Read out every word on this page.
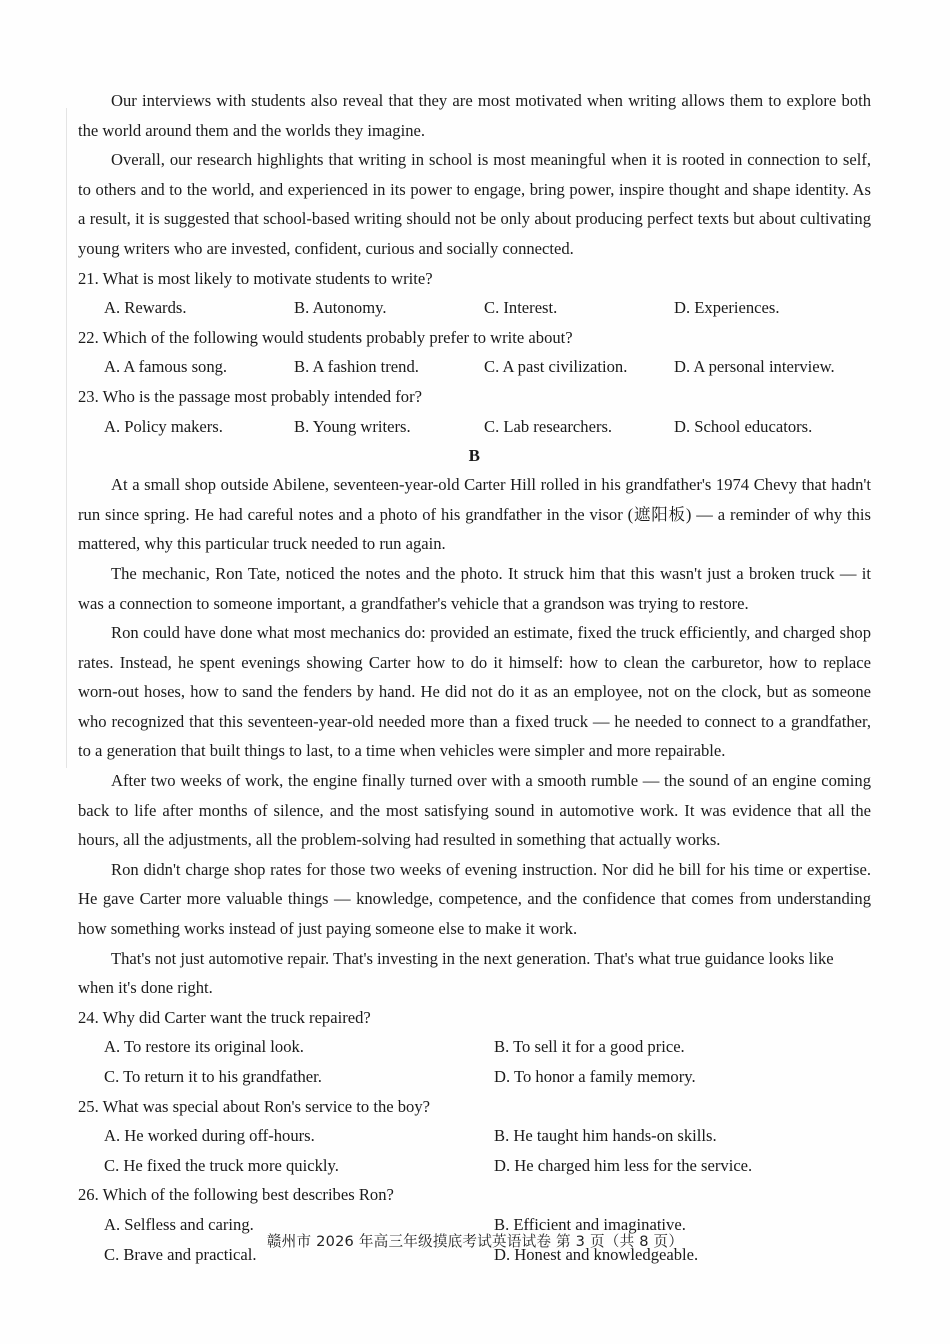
Our interviews with students also reveal that they are most motivated when writing allows them to explore both the world around them and the worlds they imagine.

Overall, our research highlights that writing in school is most meaningful when it is rooted in connection to self, to others and to the world, and experienced in its power to engage, bring power, inspire thought and shape identity. As a result, it is suggested that school-based writing should not be only about producing perfect texts but about cultivating young writers who are invested, confident, curious and socially connected.

21. What is most likely to motivate students to write?

A. Rewards.	B. Autonomy.	C. Interest.	D. Experiences.

22. Which of the following would students probably prefer to write about?

A. A famous song.	B. A fashion trend.	C. A past civilization.	D. A personal interview.

23. Who is the passage most probably intended for?

A. Policy makers.	B. Young writers.	C. Lab researchers.	D. School educators.

B

At a small shop outside Abilene, seventeen-year-old Carter Hill rolled in his grandfather's 1974 Chevy that hadn't run since spring. He had careful notes and a photo of his grandfather in the visor (遮阳板) — a reminder of why this mattered, why this particular truck needed to run again.

The mechanic, Ron Tate, noticed the notes and the photo. It struck him that this wasn't just a broken truck — it was a connection to someone important, a grandfather's vehicle that a grandson was trying to restore.

Ron could have done what most mechanics do: provided an estimate, fixed the truck efficiently, and charged shop rates. Instead, he spent evenings showing Carter how to do it himself: how to clean the carburetor, how to replace worn-out hoses, how to sand the fenders by hand. He did not do it as an employee, not on the clock, but as someone who recognized that this seventeen-year-old needed more than a fixed truck — he needed to connect to a grandfather, to a generation that built things to last, to a time when vehicles were simpler and more repairable.

After two weeks of work, the engine finally turned over with a smooth rumble — the sound of an engine coming back to life after months of silence, and the most satisfying sound in automotive work. It was evidence that all the hours, all the adjustments, all the problem-solving had resulted in something that actually works.

Ron didn't charge shop rates for those two weeks of evening instruction. Nor did he bill for his time or expertise. He gave Carter more valuable things — knowledge, competence, and the confidence that comes from understanding how something works instead of just paying someone else to make it work.

That's not just automotive repair. That's investing in the next generation. That's what true guidance looks like when it's done right.

24. Why did Carter want the truck repaired?

A. To restore its original look.	B. To sell it for a good price.
C. To return it to his grandfather.	D. To honor a family memory.

25. What was special about Ron's service to the boy?

A. He worked during off-hours.	B. He taught him hands-on skills.
C. He fixed the truck more quickly.	D. He charged him less for the service.

26. Which of the following best describes Ron?

A. Selfless and caring.	B. Efficient and imaginative.
C. Brave and practical.	D. Honest and knowledgeable.
赣州市 2026 年高三年级摸底考试英语试卷 第 3 页（共 8 页）
